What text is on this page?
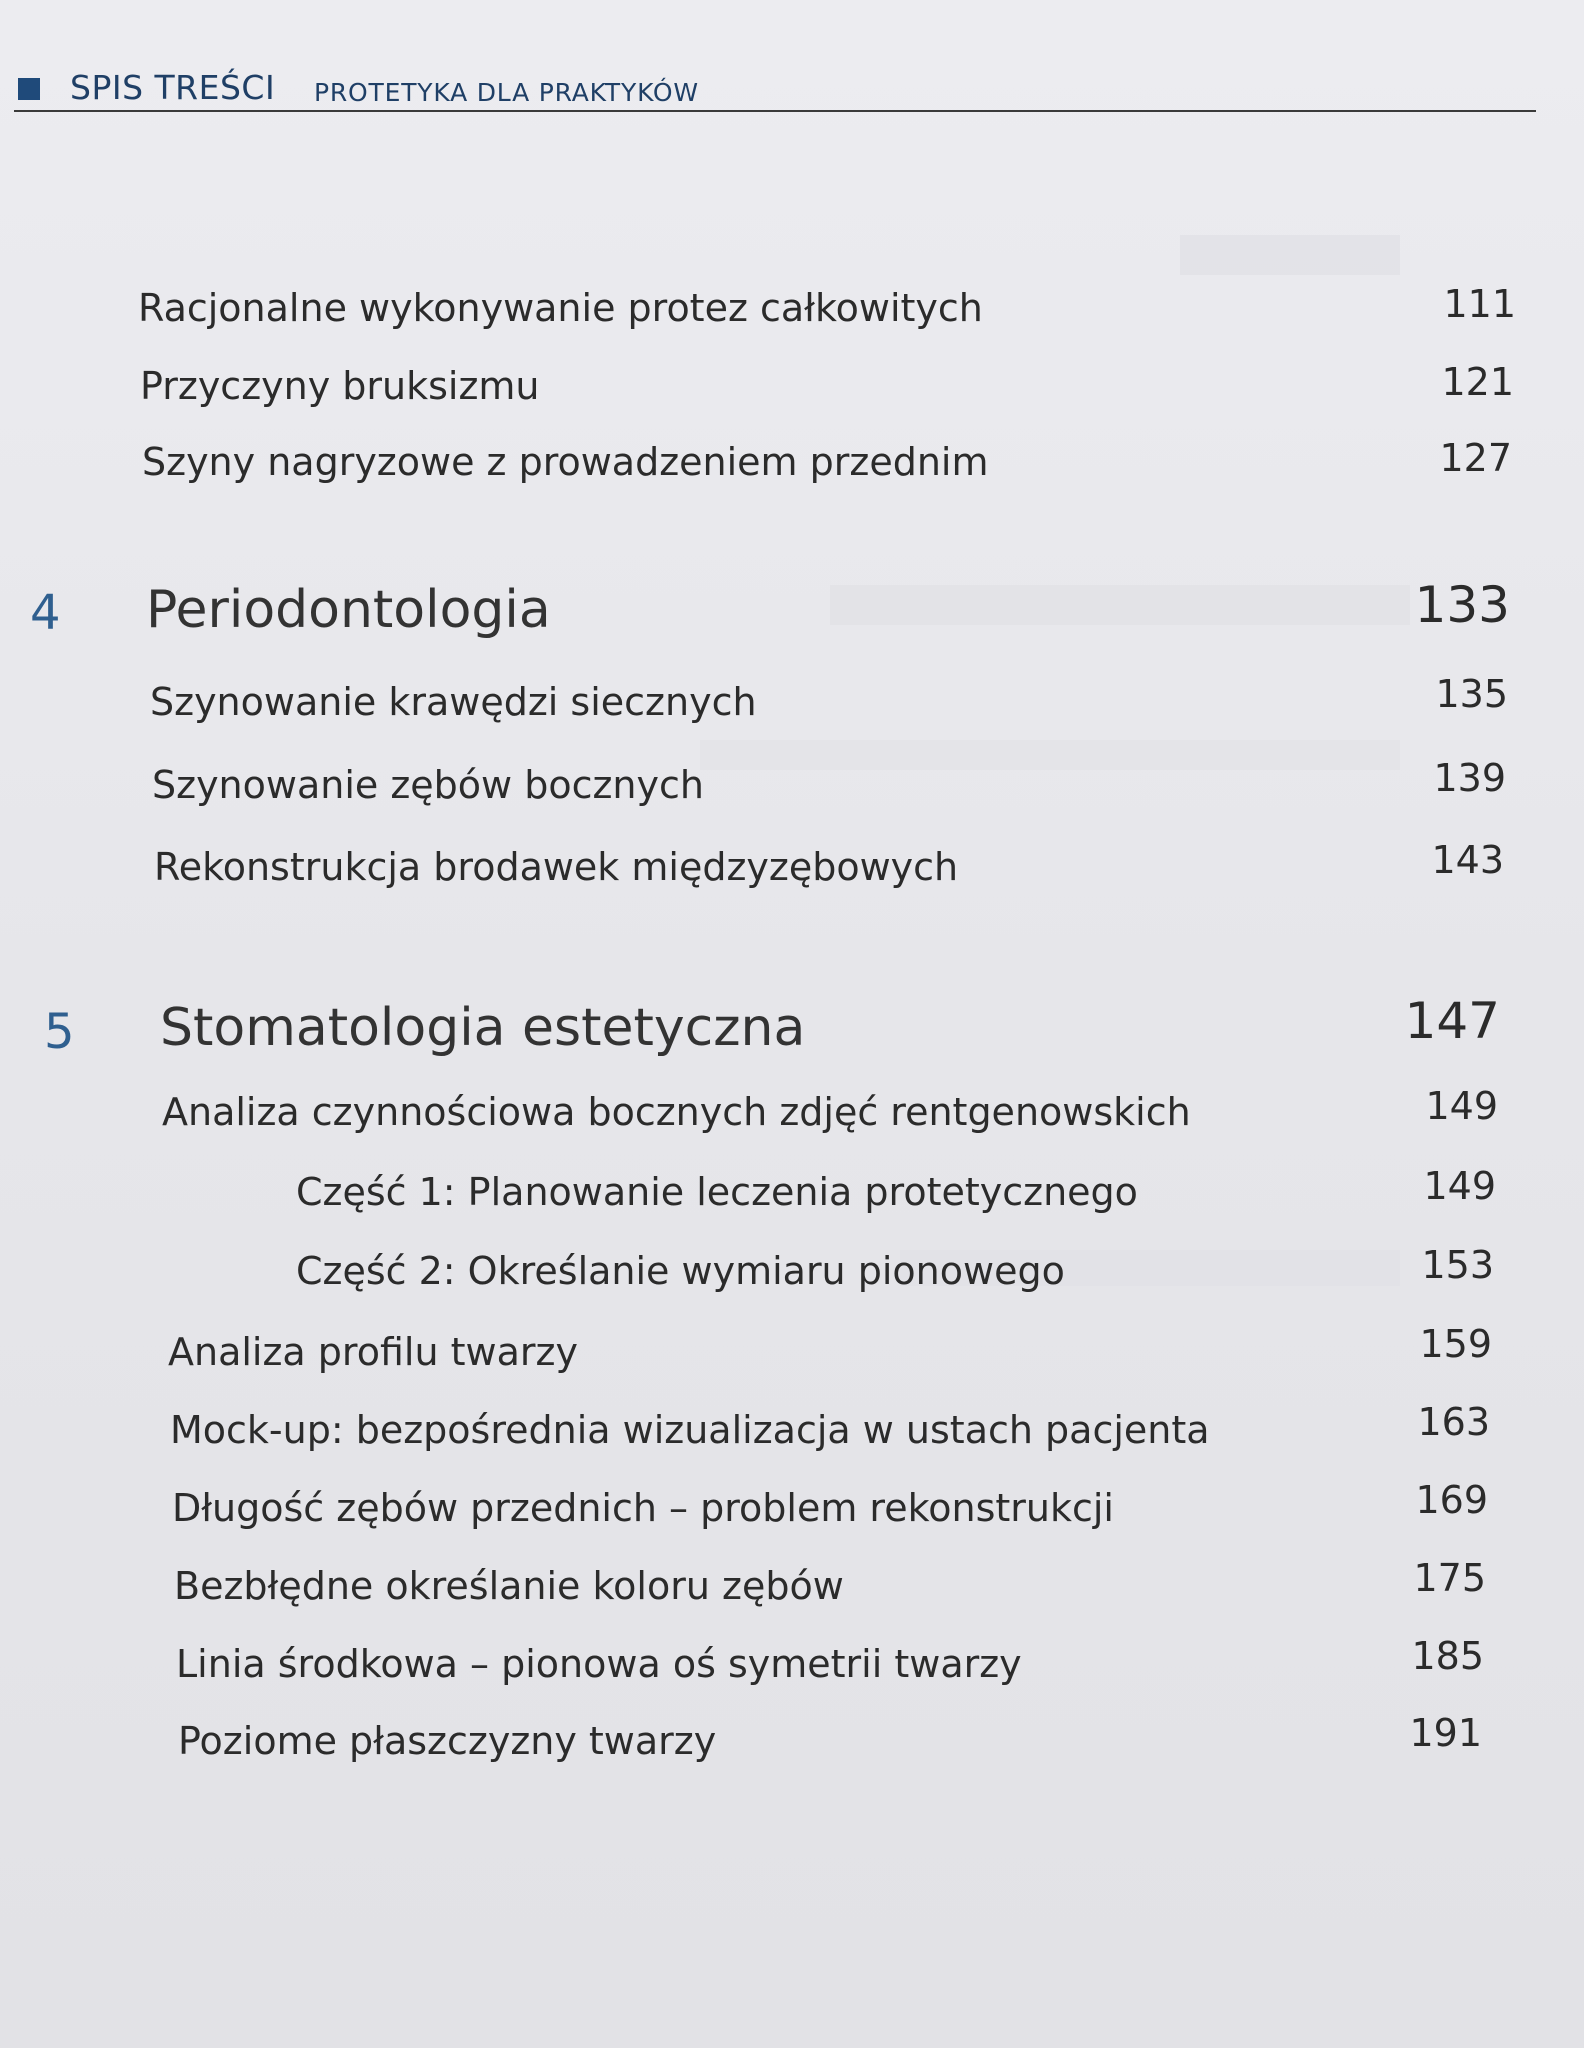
SPIS TREŚCI PROTETYKA DLA PRAKTYKÓW
Racjonalne wykonywanie protez całkowitych	111
Przyczyny bruksizmu	121
Szyny nagryzowe z prowadzeniem przednim	127
4 Periodontologia	133
Szynowanie krawędzi siecznych	135
Szynowanie zębów bocznych	139
Rekonstrukcja brodawek międzyzębowych	143
5 Stomatologia estetyczna	147
Analiza czynnościowa bocznych zdjęć rentgenowskich	149
Część 1: Planowanie leczenia protetycznego	149
Część 2: Określanie wymiaru pionowego	153
Analiza profilu twarzy	159
Mock-up: bezpośrednia wizualizacja w ustach pacjenta	163
Długość zębów przednich – problem rekonstrukcji	169
Bezbłędne określanie koloru zębów	175
Linia środkowa – pionowa oś symetrii twarzy	185
Poziome płaszczyzny twarzy	191
